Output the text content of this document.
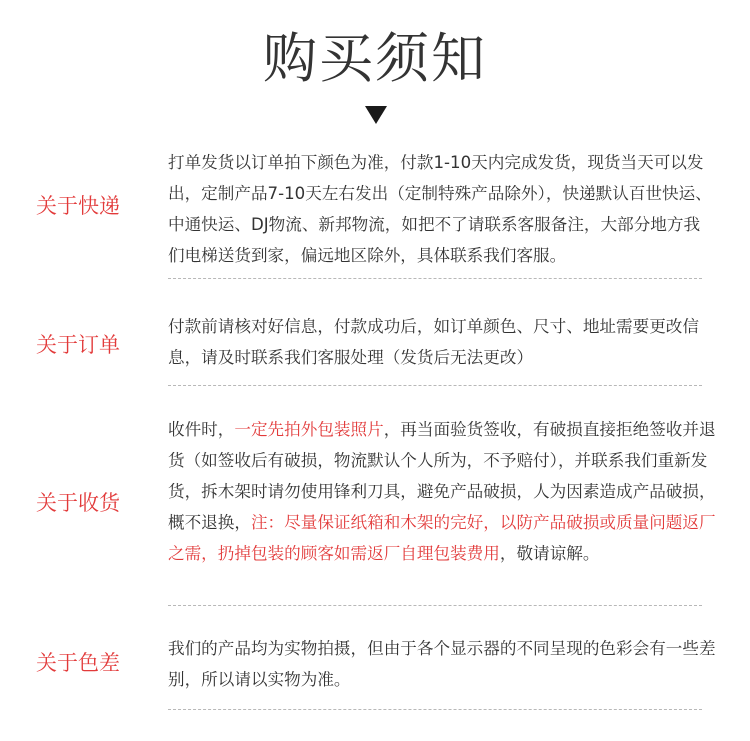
购买须知
关于快递

打单发货以订单拍下颜色为准，付款1-10天内完成发货，现货当天可以发出，定制产品7-10天左右发出（定制特殊产品除外），快递默认百世快运、中通快运、DJ物流、新邦物流，如把不了请联系客服备注，大部分地方我们电梯送货到家，偏远地区除外，具体联系我们客服。

关于订单

付款前请核对好信息，付款成功后，如订单颜色、尺寸、地址需要更改信息，请及时联系我们客服处理（发货后无法更改）

关于收货

收件时，一定先拍外包装照片，再当面验货签收，有破损直接拒绝签收并退货（如签收后有破损，物流默认个人所为，不予赔付），并联系我们重新发货，拆木架时请勿使用锋利刀具，避免产品破损，人为因素造成产品破损，概不退换，注：尽量保证纸箱和木架的完好，以防产品破损或质量问题返厂之需，扔掉包装的顾客如需返厂自理包装费用，敬请谅解。

关于色差

我们的产品均为实物拍摄，但由于各个显示器的不同呈现的色彩会有一些差别，所以请以实物为准。
